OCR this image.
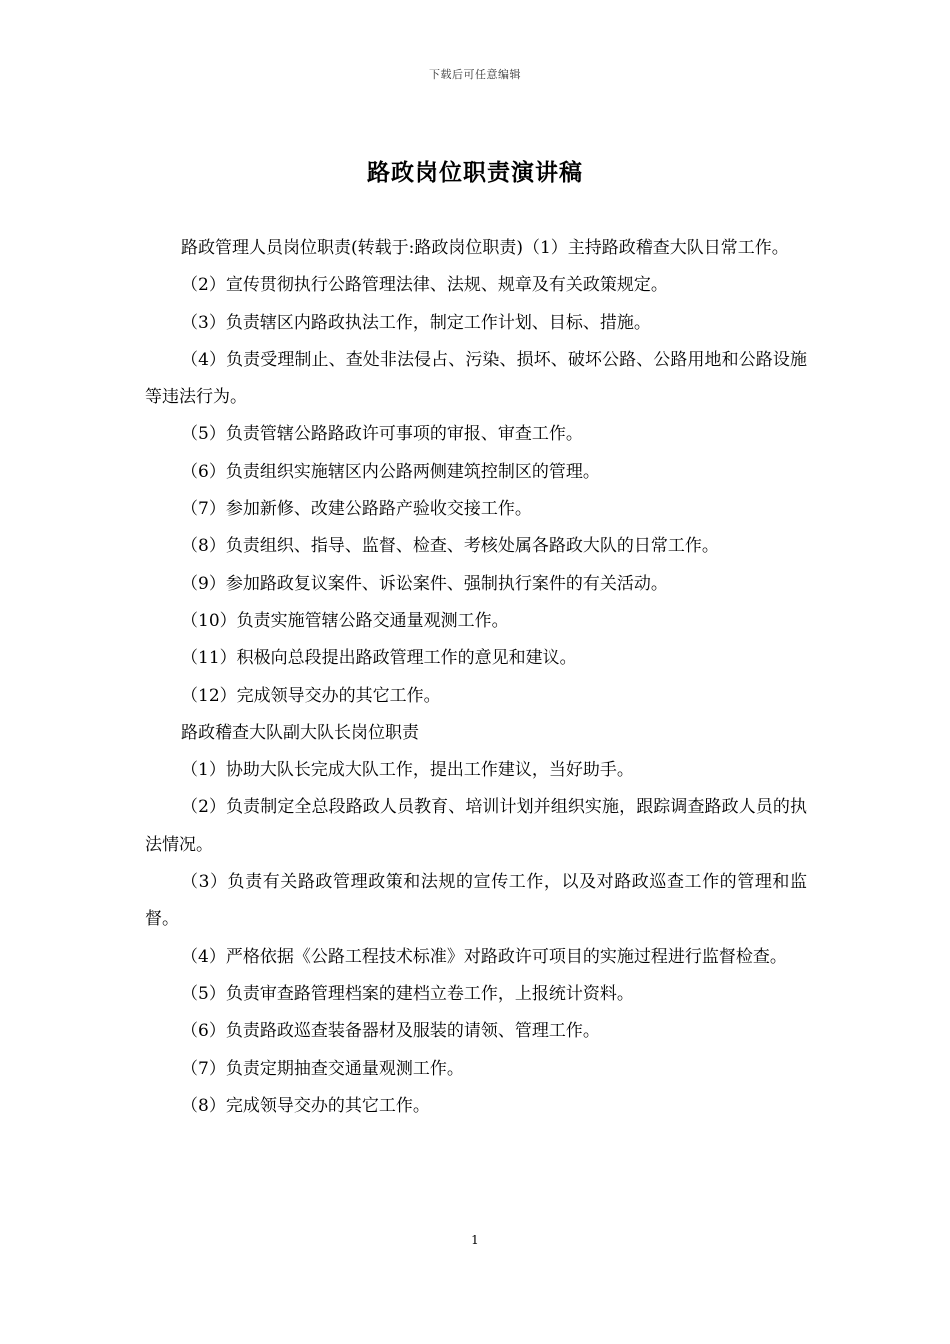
下载后可任意编辑
路政岗位职责演讲稿

路政管理人员岗位职责(转载于:路政岗位职责)（1）主持路政稽查大队日常工作。

（2）宣传贯彻执行公路管理法律、法规、规章及有关政策规定。

（3）负责辖区内路政执法工作，制定工作计划、目标、措施。

（4）负责受理制止、查处非法侵占、污染、损坏、破坏公路、公路用地和公路设施等违法行为。

（5）负责管辖公路路政许可事项的审报、审查工作。

（6）负责组织实施辖区内公路两侧建筑控制区的管理。

（7）参加新修、改建公路路产验收交接工作。

（8）负责组织、指导、监督、检查、考核处属各路政大队的日常工作。

（9）参加路政复议案件、诉讼案件、强制执行案件的有关活动。

（10）负责实施管辖公路交通量观测工作。

（11）积极向总段提出路政管理工作的意见和建议。

（12）完成领导交办的其它工作。

路政稽查大队副大队长岗位职责

（1）协助大队长完成大队工作，提出工作建议，当好助手。

（2）负责制定全总段路政人员教育、培训计划并组织实施，跟踪调查路政人员的执法情况。

（3）负责有关路政管理政策和法规的宣传工作，以及对路政巡查工作的管理和监督。

（4）严格依据《公路工程技术标准》对路政许可项目的实施过程进行监督检查。

（5）负责审查路管理档案的建档立卷工作，上报统计资料。

（6）负责路政巡查装备器材及服装的请领、管理工作。

（7）负责定期抽查交通量观测工作。

（8）完成领导交办的其它工作。

1
